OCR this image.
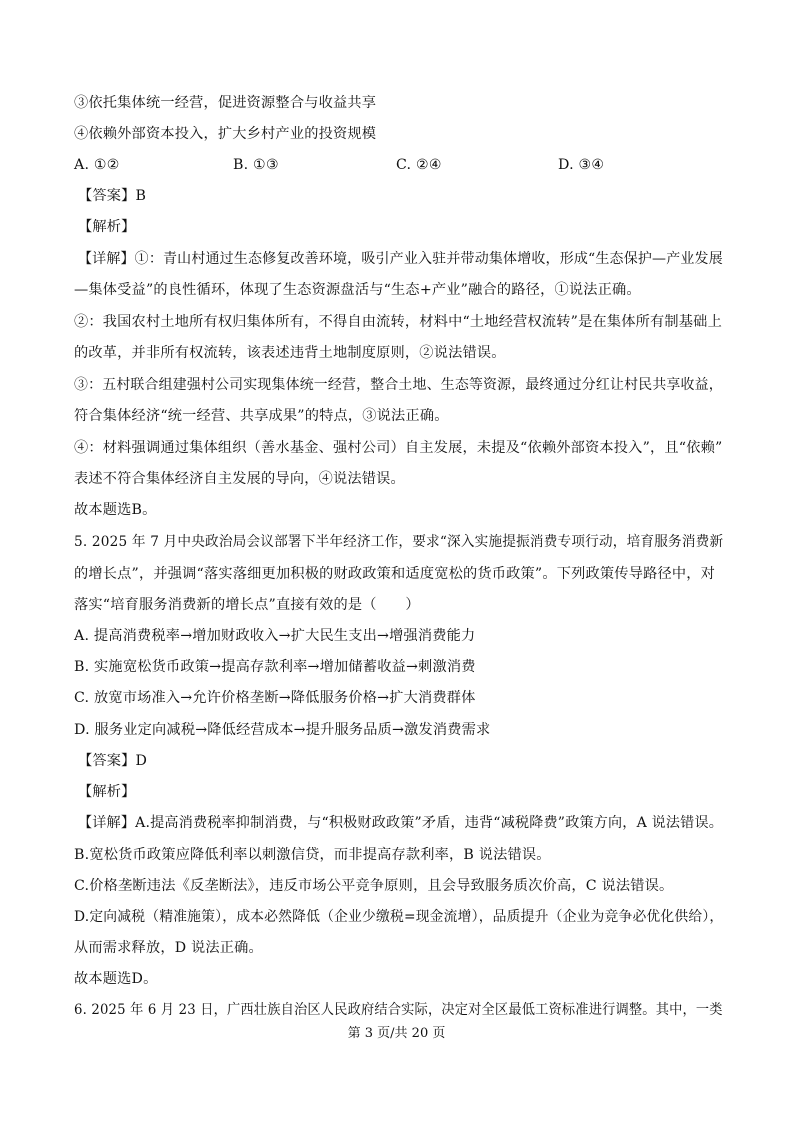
③依托集体统一经营，促进资源整合与收益共享
④依赖外部资本投入，扩大乡村产业的投资规模
A. ①②	B. ①③	C. ②④	D. ③④
【答案】B
【解析】
【详解】①：青山村通过生态修复改善环境，吸引产业入驻并带动集体增收，形成“生态保护—产业发展
—集体受益”的良性循环，体现了生态资源盘活与“生态+产业”融合的路径，①说法正确。
②：我国农村土地所有权归集体所有，不得自由流转，材料中“土地经营权流转”是在集体所有制基础上
的改革，并非所有权流转，该表述违背土地制度原则，②说法错误。
③：五村联合组建强村公司实现集体统一经营，整合土地、生态等资源，最终通过分红让村民共享收益，
符合集体经济“统一经营、共享成果”的特点，③说法正确。
④：材料强调通过集体组织（善水基金、强村公司）自主发展，未提及“依赖外部资本投入”，且“依赖”
表述不符合集体经济自主发展的导向，④说法错误。
故本题选B。
5. 2025 年 7 月中央政治局会议部署下半年经济工作，要求“深入实施提振消费专项行动，培育服务消费新
的增长点”，并强调“落实落细更加积极的财政政策和适度宽松的货币政策”。下列政策传导路径中，对
落实“培育服务消费新的增长点”直接有效的是（　　）
A. 提高消费税率→增加财政收入→扩大民生支出→增强消费能力
B. 实施宽松货币政策→提高存款利率→增加储蓄收益→刺激消费
C. 放宽市场准入→允许价格垄断→降低服务价格→扩大消费群体
D. 服务业定向减税→降低经营成本→提升服务品质→激发消费需求
【答案】D
【解析】
【详解】A.提高消费税率抑制消费，与“积极财政政策”矛盾，违背“减税降费”政策方向，A 说法错误。
B.宽松货币政策应降低利率以刺激信贷，而非提高存款利率，B 说法错误。
C.价格垄断违法《反垄断法》，违反市场公平竞争原则，且会导致服务质次价高，C 说法错误。
D.定向减税（精准施策），成本必然降低（企业少缴税=现金流增），品质提升（企业为竞争必优化供给），
从而需求释放，D 说法正确。
故本题选D。
6. 2025 年 6 月 23 日，广西壮族自治区人民政府结合实际，决定对全区最低工资标准进行调整。其中，一类
第 3 页/共 20 页
